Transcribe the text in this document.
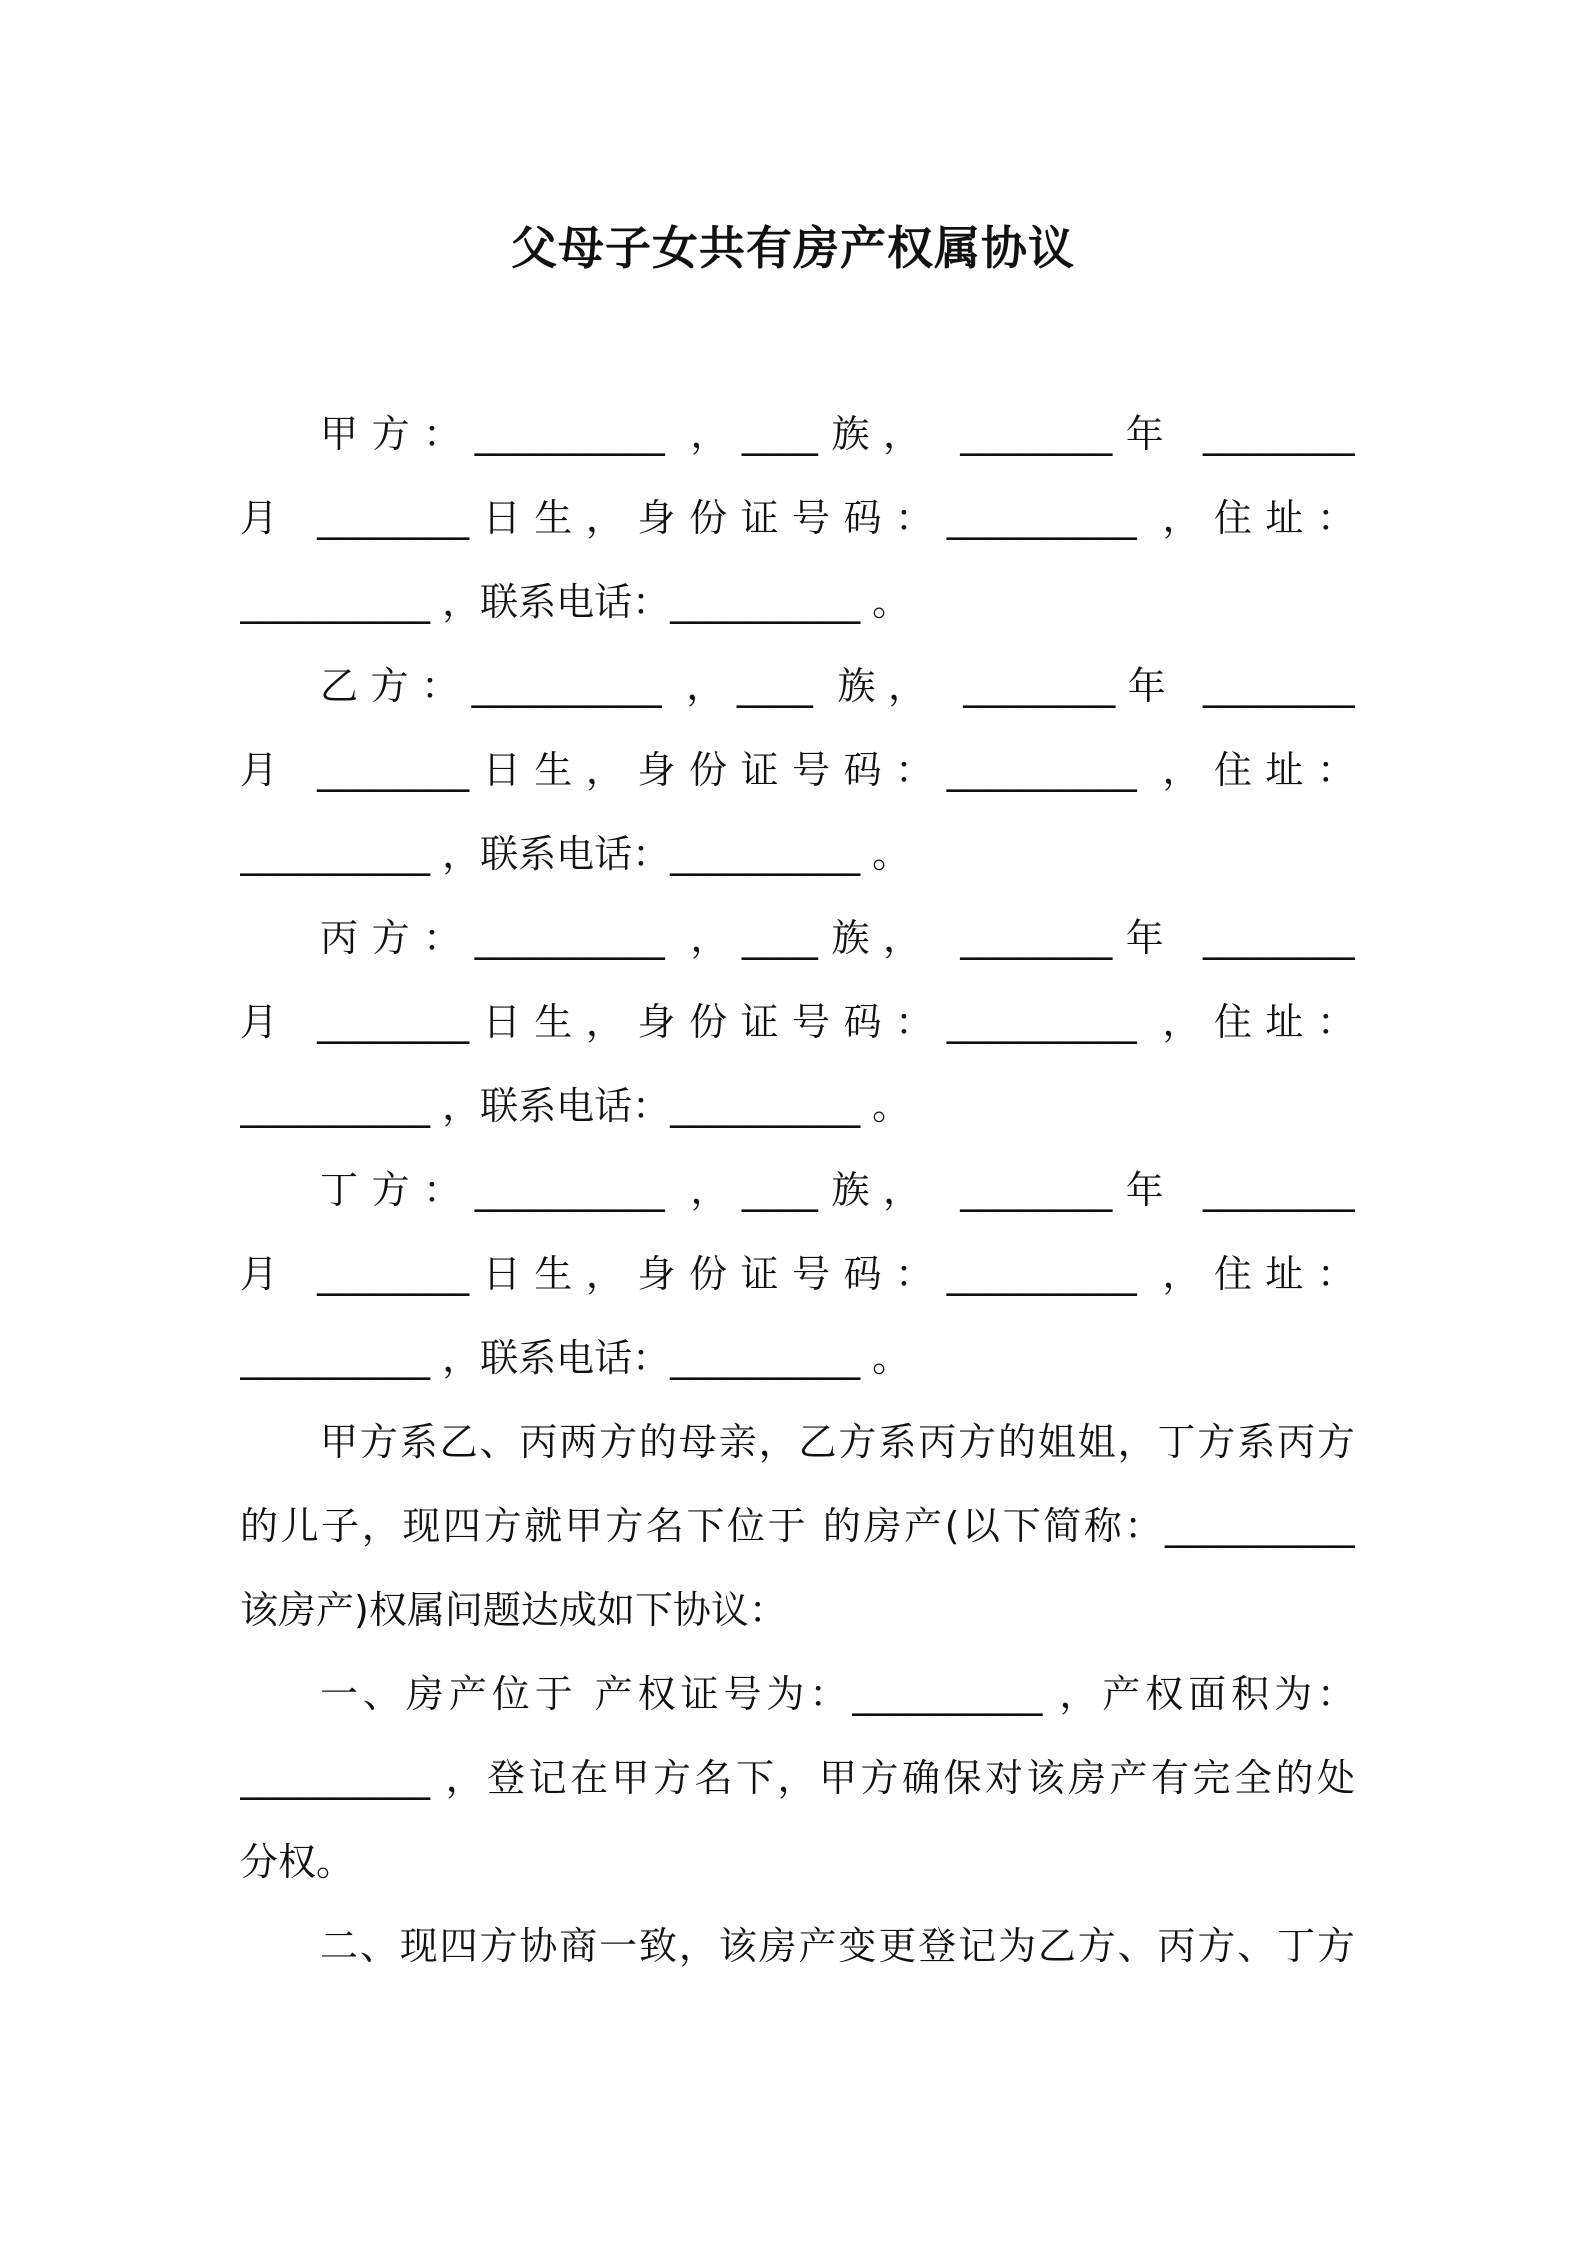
父母子女共有房产权属协议
甲方：__________ ，____族， ________年 ________
月 ________日生，身份证号码：__________ ，住址：
__________ ，联系电话：__________ 。
乙方：__________ ，____ 族， ________年 ________
月 ________日生，身份证号码：__________ ，住址：
__________ ，联系电话：__________ 。
丙方：__________ ，____族， ________年 ________
月 ________日生，身份证号码：__________ ，住址：
__________ ，联系电话：__________ 。
丁方：__________ ，____族， ________年 ________
月 ________日生，身份证号码：__________ ，住址：
__________ ，联系电话：__________ 。
甲方系乙、丙两方的母亲，乙方系丙方的姐姐，丁方系丙方
的儿子，现四方就甲方名下位于 的房产(以下简称：__________
该房产)权属问题达成如下协议：
一、房产位于 产权证号为：__________ ，产权面积为：
__________ ，登记在甲方名下，甲方确保对该房产有完全的处
分权。
二、现四方协商一致，该房产变更登记为乙方、丙方、丁方
